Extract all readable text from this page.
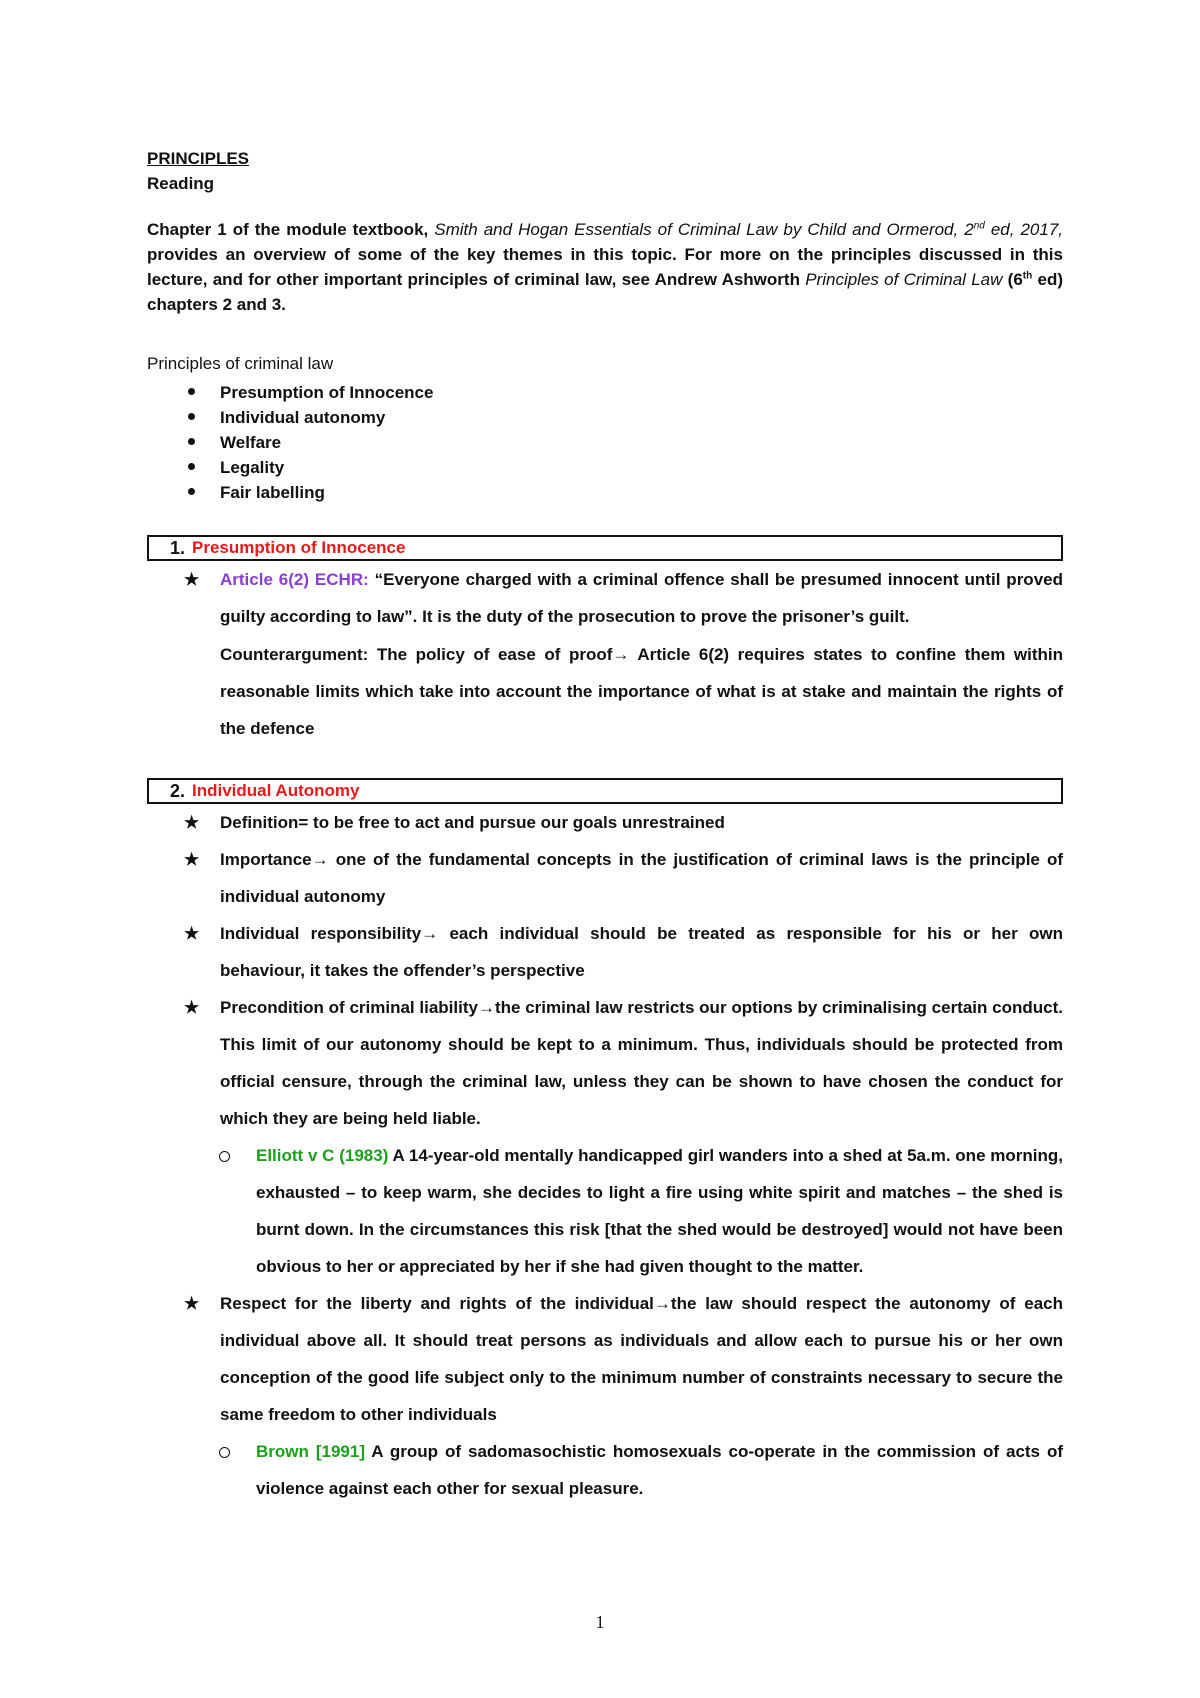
PRINCIPLES

Reading

Chapter 1 of the module textbook, Smith and Hogan Essentials of Criminal Law by Child and Ormerod, 2nd ed, 2017, provides an overview of some of the key themes in this topic. For more on the principles discussed in this lecture, and for other important principles of criminal law, see Andrew Ashworth Principles of Criminal Law (6th ed) chapters 2 and 3.

Principles of criminal law

Presumption of Innocence
Individual autonomy
Welfare
Legality
Fair labelling
1. Presumption of Innocence
★ Article 6(2) ECHR: “Everyone charged with a criminal offence shall be presumed innocent until proved guilty according to law”. It is the duty of the prosecution to prove the prisoner’s guilt.

Counterargument: The policy of ease of proof→ Article 6(2) requires states to confine them within reasonable limits which take into account the importance of what is at stake and maintain the rights of the defence

2. Individual Autonomy
★ Definition= to be free to act and pursue our goals unrestrained
★ Importance→ one of the fundamental concepts in the justification of criminal laws is the principle of individual autonomy
★ Individual responsibility→ each individual should be treated as responsible for his or her own behaviour, it takes the offender’s perspective
★ Precondition of criminal liability→the criminal law restricts our options by criminalising certain conduct. This limit of our autonomy should be kept to a minimum. Thus, individuals should be protected from official censure, through the criminal law, unless they can be shown to have chosen the conduct for which they are being held liable.
Elliott v C (1983) A 14-year-old mentally handicapped girl wanders into a shed at 5a.m. one morning, exhausted – to keep warm, she decides to light a fire using white spirit and matches – the shed is burnt down. In the circumstances this risk [that the shed would be destroyed] would not have been obvious to her or appreciated by her if she had given thought to the matter.
★ Respect for the liberty and rights of the individual→the law should respect the autonomy of each individual above all. It should treat persons as individuals and allow each to pursue his or her own conception of the good life subject only to the minimum number of constraints necessary to secure the same freedom to other individuals
Brown [1991] A group of sadomasochistic homosexuals co-operate in the commission of acts of violence against each other for sexual pleasure.
1
